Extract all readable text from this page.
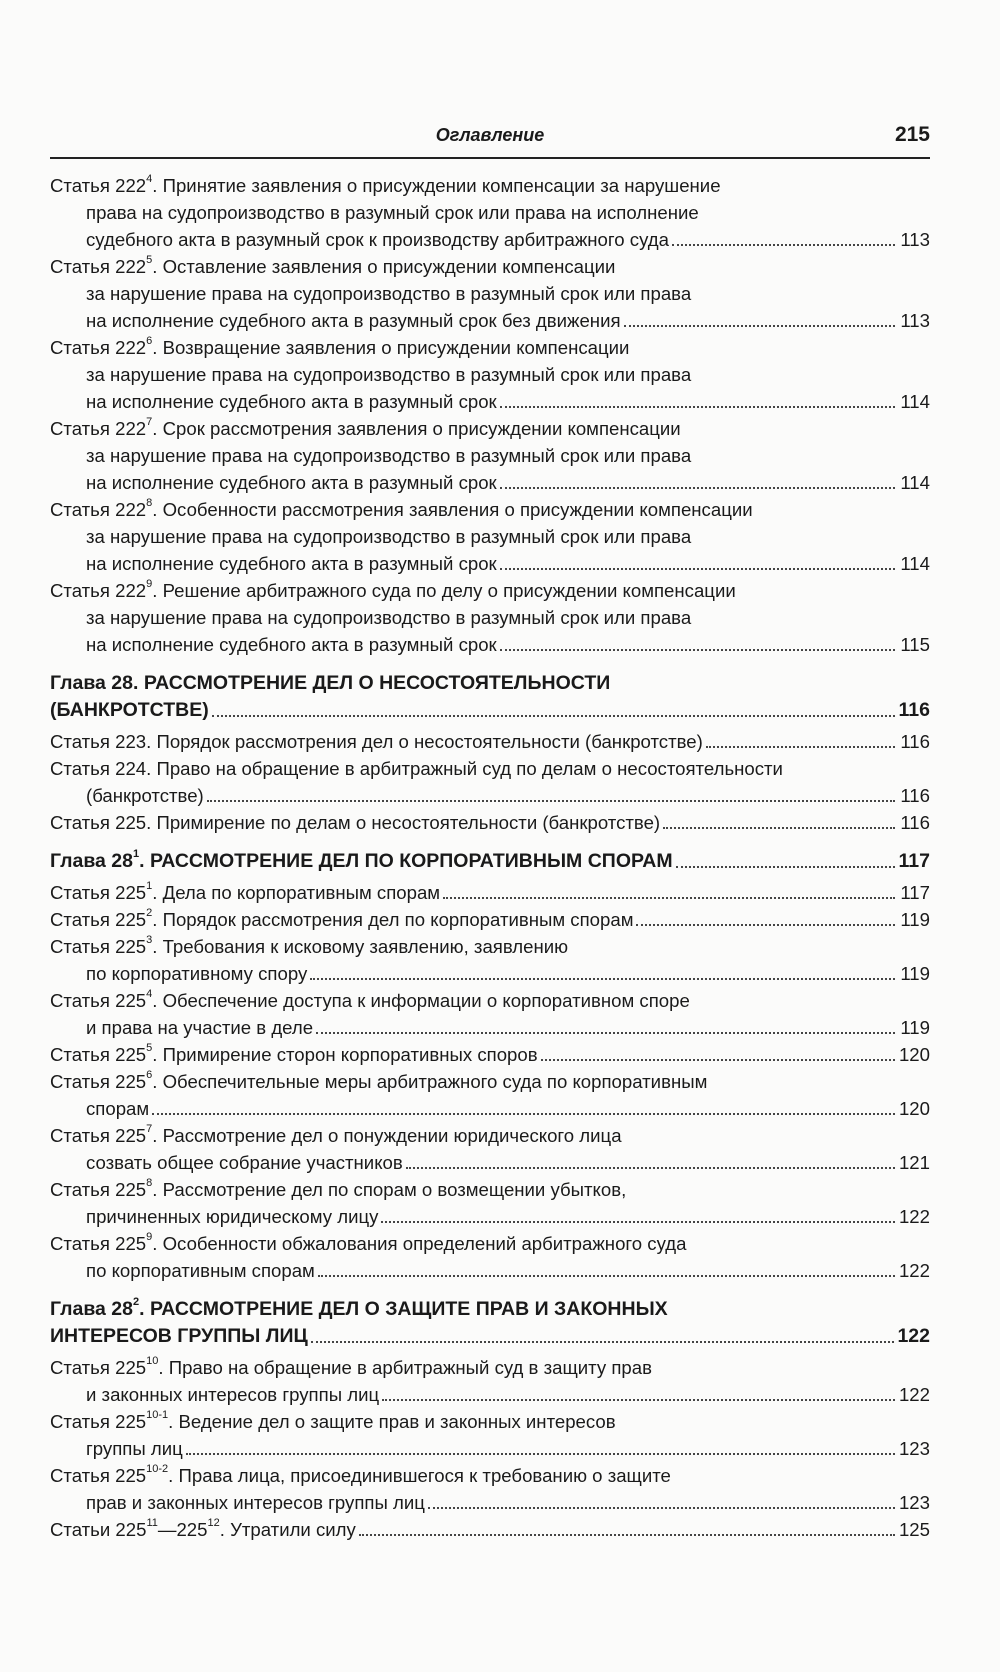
Оглавление	215
Статья $222^4$. Принятие заявления о присуждении компенсации за нарушение
права на судопроизводство в разумный срок или права на исполнение
судебного акта в разумный срок к производству арбитражного суда	113
Статья $222^5$. Оставление заявления о присуждении компенсации
за нарушение права на судопроизводство в разумный срок или права
на исполнение судебного акта в разумный срок без движения	113
Статья $222^6$. Возвращение заявления о присуждении компенсации
за нарушение права на судопроизводство в разумный срок или права
на исполнение судебного акта в разумный срок	114
Статья $222^7$. Срок рассмотрения заявления о присуждении компенсации
за нарушение права на судопроизводство в разумный срок или права
на исполнение судебного акта в разумный срок	114
Статья $222^8$. Особенности рассмотрения заявления о присуждении компенсации
за нарушение права на судопроизводство в разумный срок или права
на исполнение судебного акта в разумный срок	114
Статья $222^9$. Решение арбитражного суда по делу о присуждении компенсации
за нарушение права на судопроизводство в разумный срок или права
на исполнение судебного акта в разумный срок	115
Глава 28. РАССМОТРЕНИЕ ДЕЛ О НЕСОСТОЯТЕЛЬНОСТИ
(БАНКРОТСТВЕ)	116
Статья 223. Порядок рассмотрения дел о несостоятельности (банкротстве)	116
Статья 224. Право на обращение в арбитражный суд по делам о несостоятельности
(банкротстве)	116
Статья 225. Примирение по делам о несостоятельности (банкротстве)	116
Глава $28^1$. РАССМОТРЕНИЕ ДЕЛ ПО КОРПОРАТИВНЫМ СПОРАМ	117
Статья $225^1$. Дела по корпоративным спорам	117
Статья $225^2$. Порядок рассмотрения дел по корпоративным спорам	119
Статья $225^3$. Требования к исковому заявлению, заявлению
по корпоративному спору	119
Статья $225^4$. Обеспечение доступа к информации о корпоративном споре
и права на участие в деле	119
Статья $225^5$. Примирение сторон корпоративных споров	120
Статья $225^6$. Обеспечительные меры арбитражного суда по корпоративным
спорам	120
Статья $225^7$. Рассмотрение дел о понуждении юридического лица
созвать общее собрание участников	121
Статья $225^8$. Рассмотрение дел по спорам о возмещении убытков,
причиненных юридическому лицу	122
Статья $225^9$. Особенности обжалования определений арбитражного суда
по корпоративным спорам	122
Глава $28^2$. РАССМОТРЕНИЕ ДЕЛ О ЗАЩИТЕ ПРАВ И ЗАКОННЫХ
ИНТЕРЕСОВ ГРУППЫ ЛИЦ	122
Статья $225^{10}$. Право на обращение в арбитражный суд в защиту прав
и законных интересов группы лиц	122
Статья 225$^{10-1}$. Ведение дел о защите прав и законных интересов
группы лиц	123
Статья 225$^{10-2}$. Права лица, присоединившегося к требованию о защите
прав и законных интересов группы лиц	123
Статьи $225^{11}—225^{12}$. Утратили силу	125
